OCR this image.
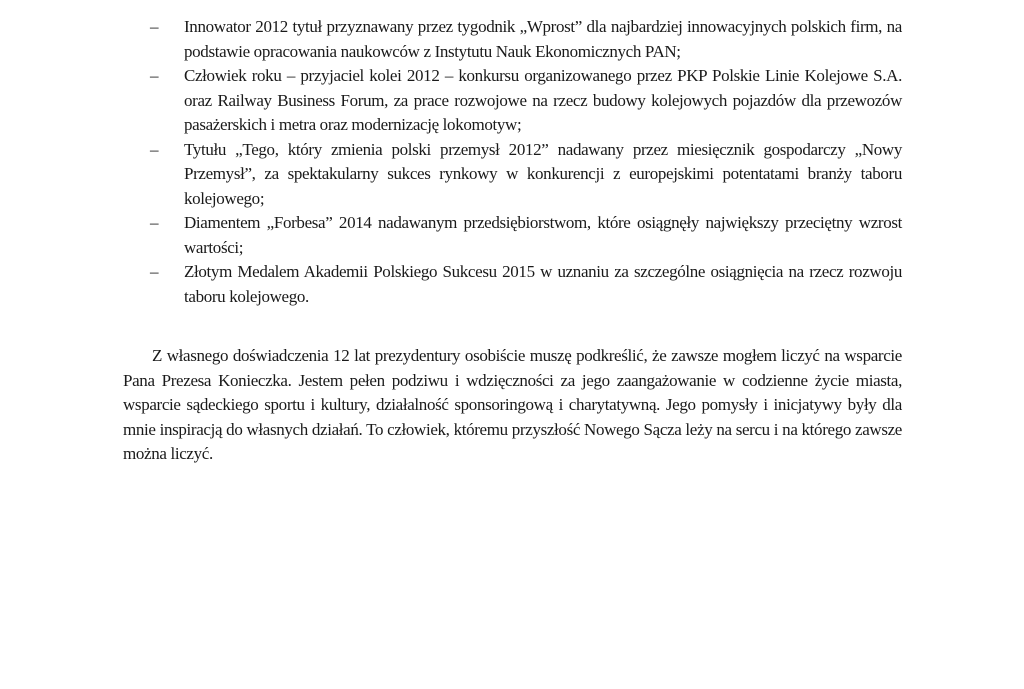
– Innowator 2012 tytuł przyznawany przez tygodnik „Wprost” dla najbardziej innowacyjnych polskich firm, na podstawie opracowania naukowców z Instytutu Nauk Ekonomicznych PAN;
– Człowiek roku – przyjaciel kolei 2012 – konkursu organizowanego przez PKP Polskie Linie Kolejowe S.A. oraz Railway Business Forum, za prace rozwojowe na rzecz budowy kolejowych pojazdów dla przewozów pasażerskich i metra oraz modernizację lokomotyw;
– Tytułu „Tego, który zmienia polski przemysł 2012” nadawany przez miesięcznik gospodarczy „Nowy Przemysł”, za spektakularny sukces rynkowy w konkurencji z europejskimi potentatami branży taboru kolejowego;
– Diamentem „Forbesa” 2014 nadawanym przedsiębiorstwom, które osiągnęły największy przeciętny wzrost wartości;
– Złotym Medalem Akademii Polskiego Sukcesu 2015 w uznaniu za szczególne osiągnięcia na rzecz rozwoju taboru kolejowego.

Z własnego doświadczenia 12 lat prezydentury osobiście muszę podkreślić, że zawsze mogłem liczyć na wsparcie Pana Prezesa Konieczka. Jestem pełen podziwu i wdzięczności za jego zaangażowanie w codzienne życie miasta, wsparcie sądeckiego sportu i kultury, działalność sponsoringową i charytatywną. Jego pomysły i inicjatywy były dla mnie inspiracją do własnych działań. To człowiek, któremu przyszłość Nowego Sącza leży na sercu i na którego zawsze można liczyć.
